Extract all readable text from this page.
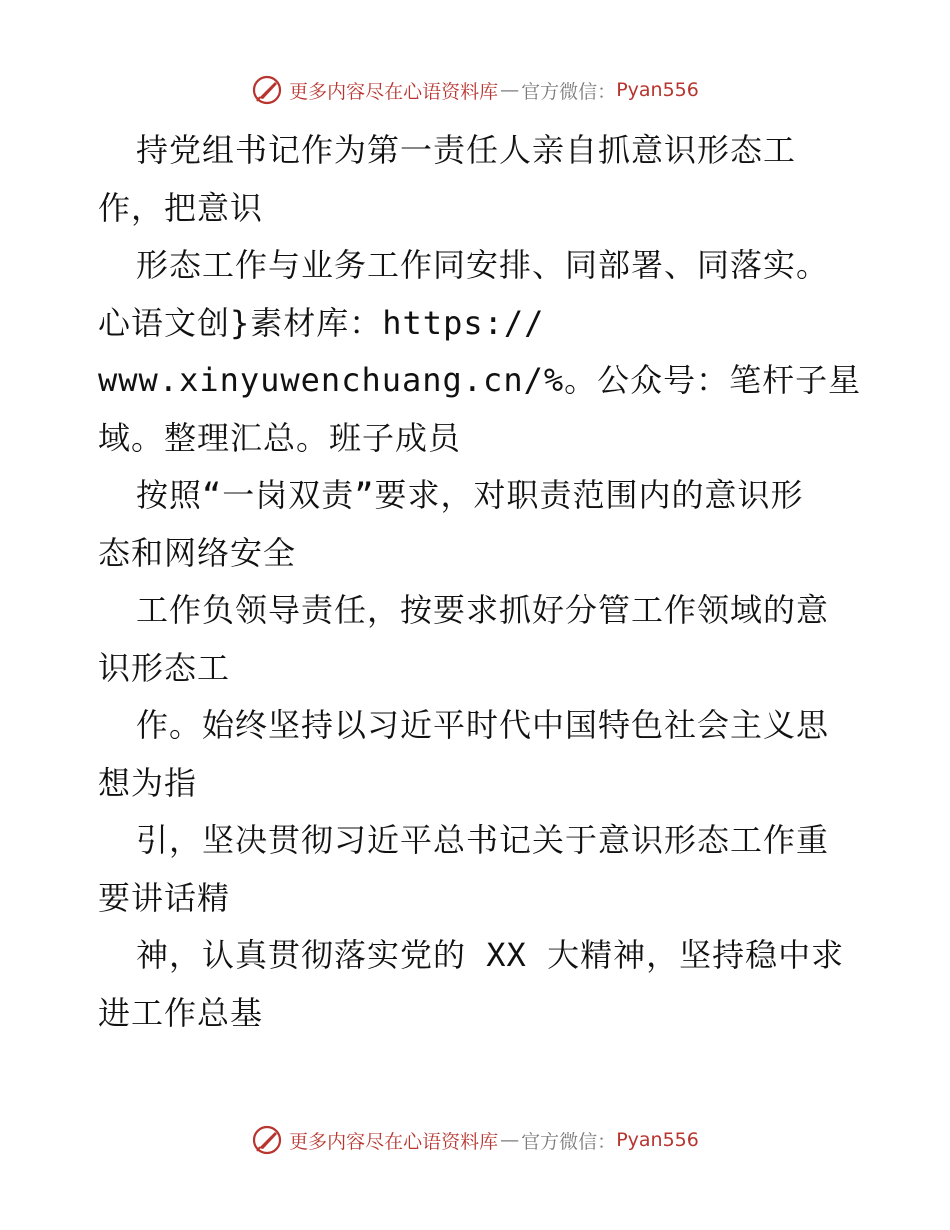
更多内容尽在心语资料库 — 官方微信： Pyan556
持党组书记作为第一责任人亲自抓意识形态工
作，把意识
形态工作与业务工作同安排、同部署、同落实。
心语文创}素材库：https://
www.xinyuwenchuang.cn/%。公众号：笔杆子星
域。整理汇总。班子成员
按照“一岗双责”要求，对职责范围内的意识形
态和网络安全
工作负领导责任，按要求抓好分管工作领域的意
识形态工
作。始终坚持以习近平时代中国特色社会主义思
想为指
引，坚决贯彻习近平总书记关于意识形态工作重
要讲话精
神，认真贯彻落实党的 XX 大精神，坚持稳中求
进工作总基
更多内容尽在心语资料库 — 官方微信： Pyan556
